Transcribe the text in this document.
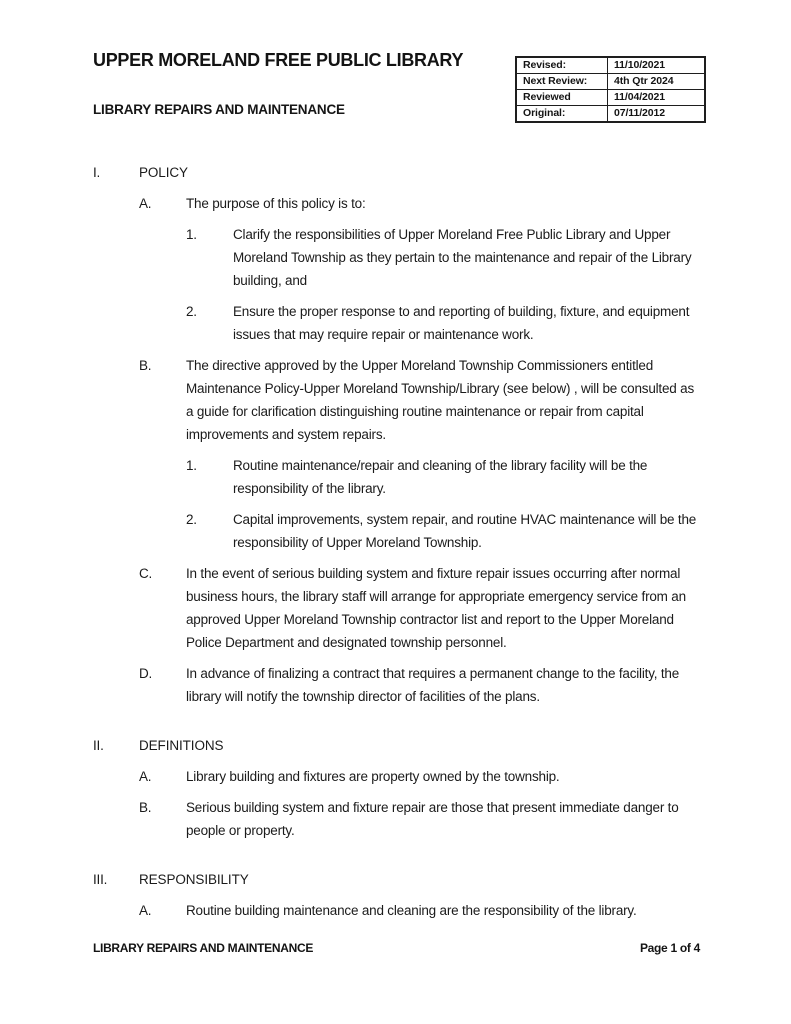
UPPER MORELAND FREE PUBLIC LIBRARY	Revised:	11/10/2021
Next Review:	4th Qtr 2024
Reviewed	11/04/2021
Original:	07/11/2012
LIBRARY REPAIRS AND MAINTENANCE
I.	POLICY
A.	The purpose of this policy is to:
1.	Clarify the responsibilities of Upper Moreland Free Public Library and Upper Moreland Township as they pertain to the maintenance and repair of the Library building, and
2.	Ensure the proper response to and reporting of building, fixture, and equipment issues that may require repair or maintenance work.
B.	The directive approved by the Upper Moreland Township Commissioners entitled Maintenance Policy-Upper Moreland Township/Library (see below) , will be consulted as a guide for clarification distinguishing routine maintenance or repair from capital improvements and system repairs.
1.	Routine maintenance/repair and cleaning of the library facility will be the responsibility of the library.
2.	Capital improvements, system repair, and routine HVAC maintenance will be the responsibility of Upper Moreland Township.
C.	In the event of serious building system and fixture repair issues occurring after normal business hours, the library staff will arrange for appropriate emergency service from an approved Upper Moreland Township contractor list and report to the Upper Moreland Police Department and designated township personnel.
D.	In advance of finalizing a contract that requires a permanent change to the facility, the library will notify the township director of facilities of the plans.
II.	DEFINITIONS
A.	Library building and fixtures are property owned by the township.
B.	Serious building system and fixture repair are those that present immediate danger to people or property.
III.	RESPONSIBILITY
A.	Routine building maintenance and cleaning are the responsibility of the library.
LIBRARY REPAIRS AND MAINTENANCE	Page 1 of 4
